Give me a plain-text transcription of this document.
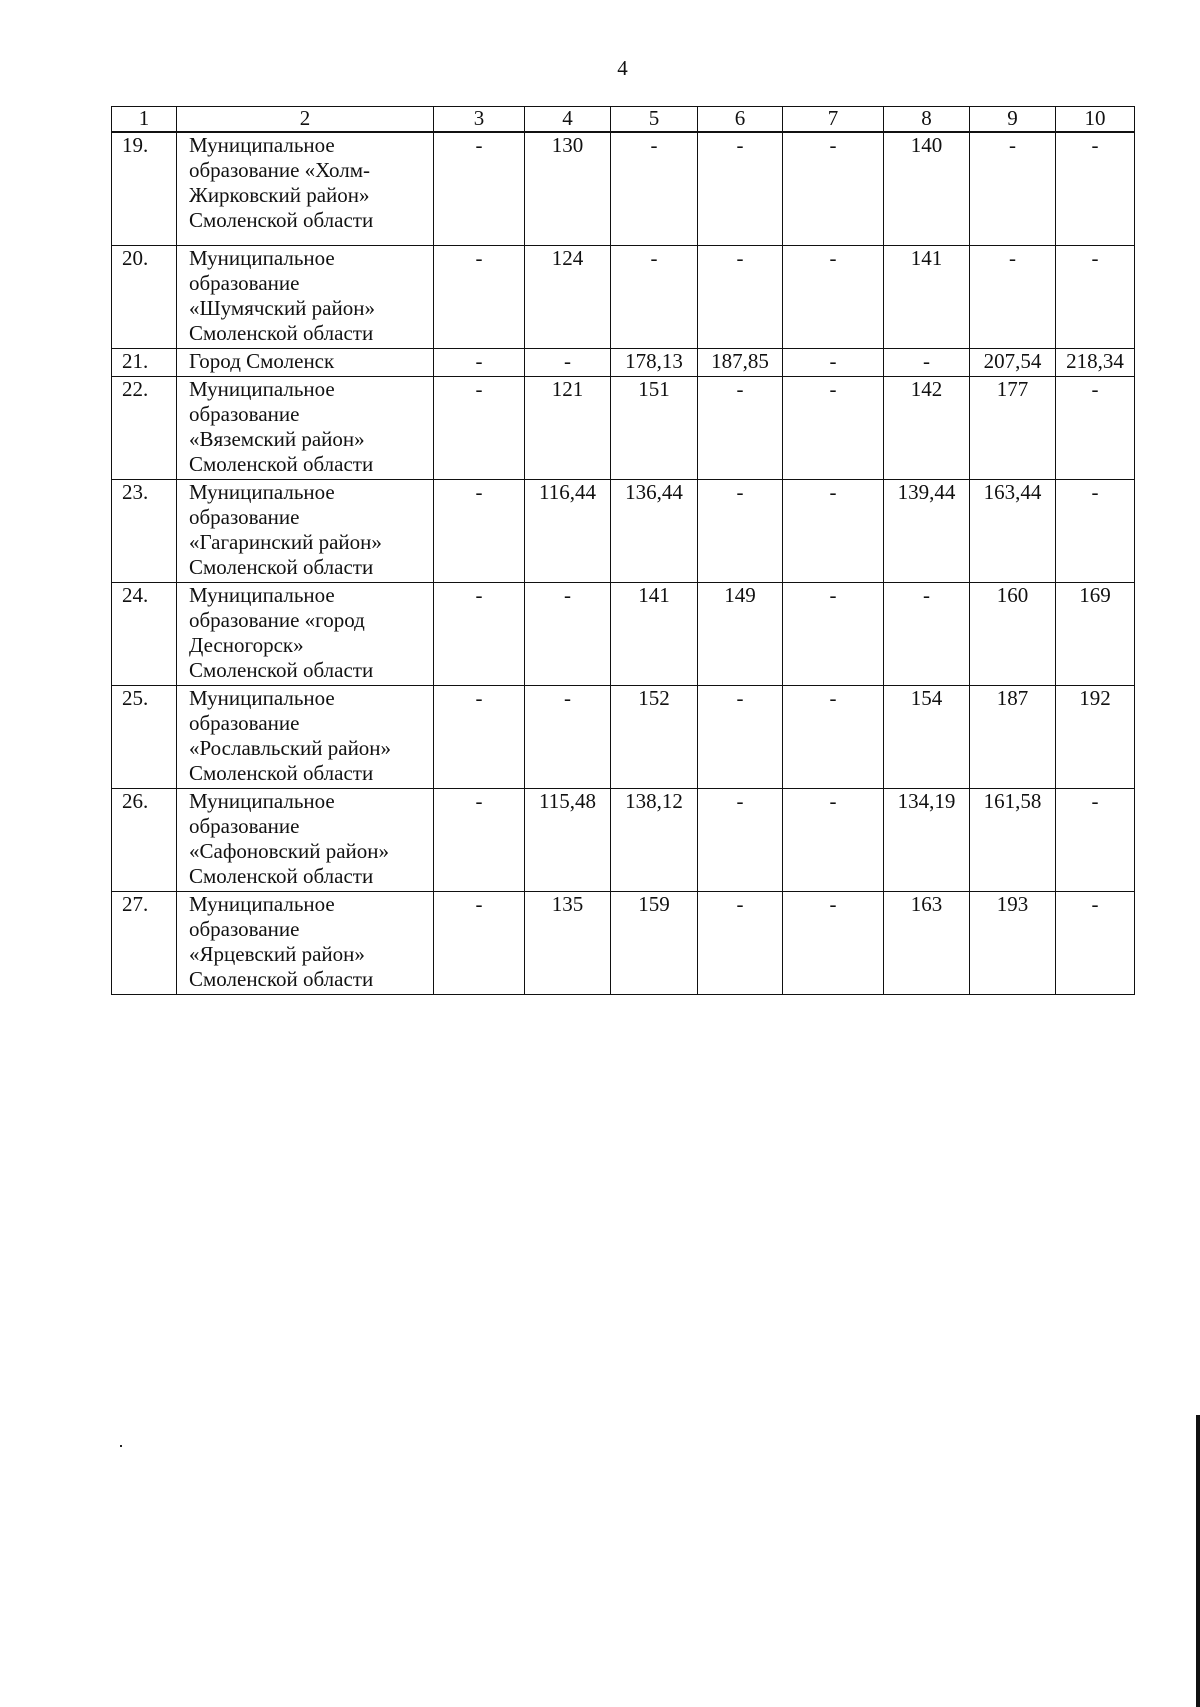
4
1	2	3	4	5	6	7	8	9	10
19.	Муниципальное
образование «Холм-
Жирковский район»
Смоленской области	-	130	-	-	-	140	-	-
20.	Муниципальное
образование
«Шумячский район»
Смоленской области	-	124	-	-	-	141	-	-
21.	Город Смоленск	-	-	178,13	187,85	-	-	207,54	218,34
22.	Муниципальное
образование
«Вяземский район»
Смоленской области	-	121	151	-	-	142	177	-
23.	Муниципальное
образование
«Гагаринский район»
Смоленской области	-	116,44	136,44	-	-	139,44	163,44	-
24.	Муниципальное
образование «город
Десногорск»
Смоленской области	-	-	141	149	-	-	160	169
25.	Муниципальное
образование
«Рославльский район»
Смоленской области	-	-	152	-	-	154	187	192
26.	Муниципальное
образование
«Сафоновский район»
Смоленской области	-	115,48	138,12	-	-	134,19	161,58	-
27.	Муниципальное
образование
«Ярцевский район»
Смоленской области	-	135	159	-	-	163	193	-
